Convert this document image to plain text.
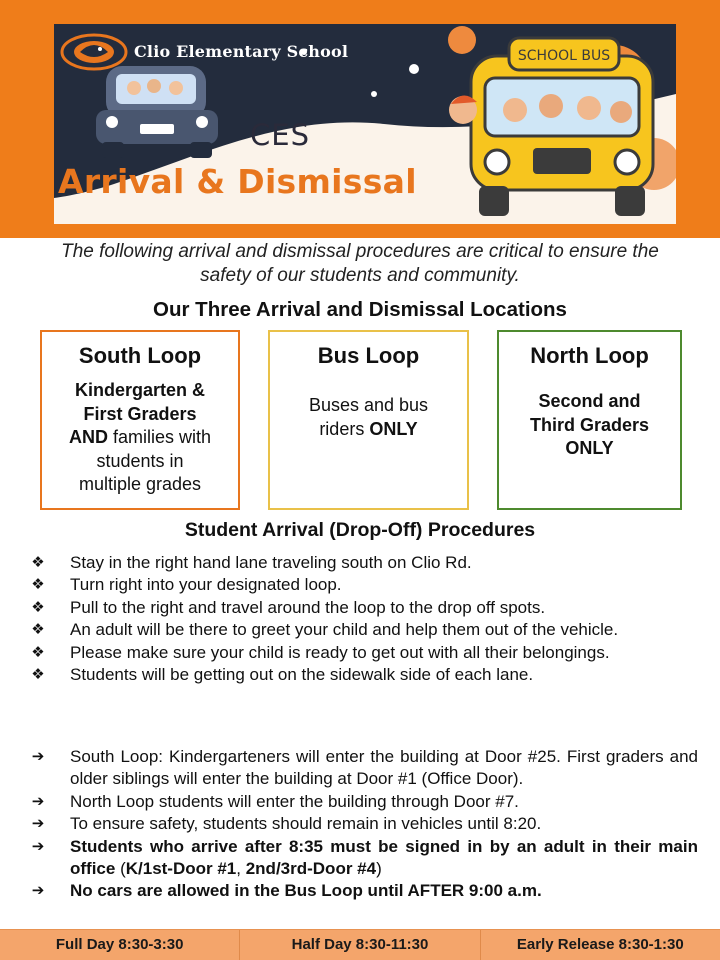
Clio Elementary School
CES
Arrival & Dismissal
SCHOOL BUS
The following arrival and dismissal procedures are critical to ensure the safety of our students and community.
Our Three Arrival and Dismissal Locations
South Loop
Kindergarten &
First Graders
AND families with
students in
multiple grades
Bus Loop
Buses and bus
riders ONLY
North Loop
Second and
Third Graders
ONLY
Student Arrival (Drop-Off) Procedures
❖ Stay in the right hand lane traveling south on Clio Rd.
❖ Turn right into your designated loop.
❖ Pull to the right and travel around the loop to the drop off spots.
❖ An adult will be there to greet your child and help them out of the vehicle.
❖ Please make sure your child is ready to get out with all their belongings.
❖ Students will be getting out on the sidewalk side of each lane.
➔ South Loop: Kindergarteners will enter the building at Door #25. First graders and older siblings will enter the building at Door #1 (Office Door).
➔ North Loop students will enter the building through Door #7.
➔ To ensure safety, students should remain in vehicles until 8:20.
➔ Students who arrive after 8:35 must be signed in by an adult in their main office (K/1st-Door #1, 2nd/3rd-Door #4)
➔ No cars are allowed in the Bus Loop until AFTER 9:00 a.m.
Full Day 8:30-3:30	Half Day 8:30-11:30	Early Release 8:30-1:30
